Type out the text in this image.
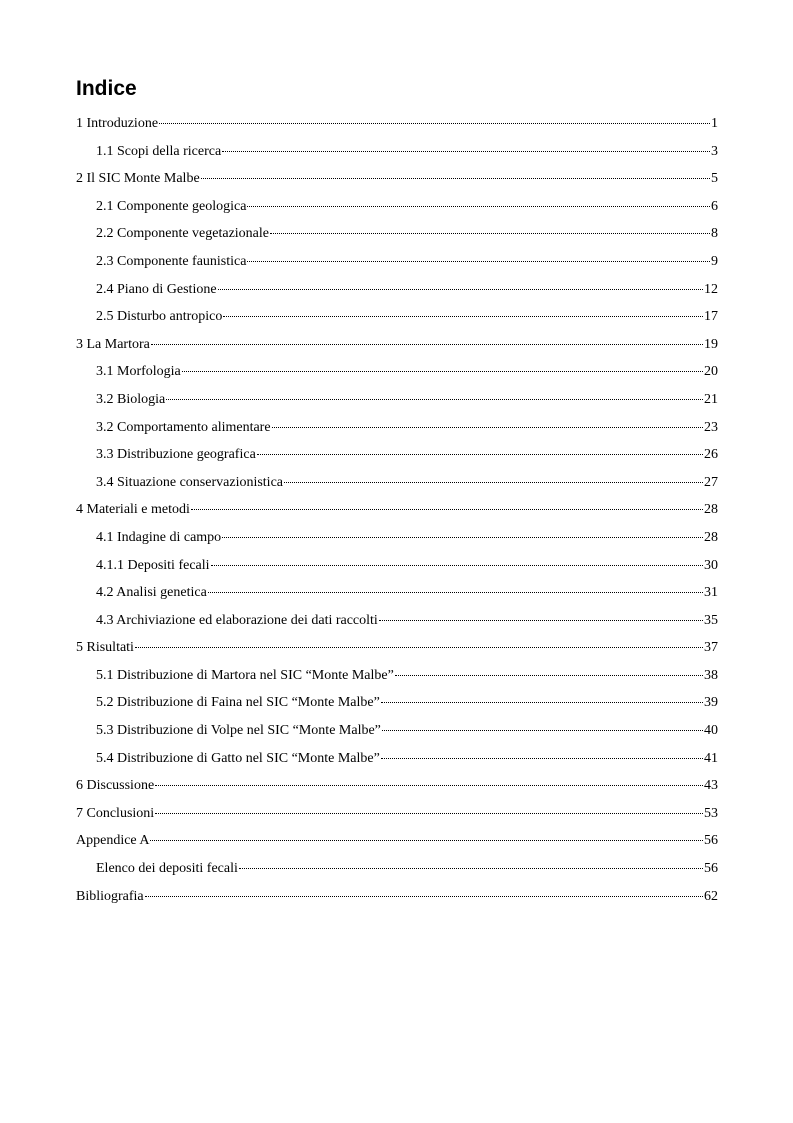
Indice
1 Introduzione	1
1.1 Scopi della ricerca	3
2 Il SIC Monte Malbe	5
2.1 Componente geologica	6
2.2 Componente vegetazionale	8
2.3 Componente faunistica	9
2.4 Piano di Gestione	12
2.5 Disturbo antropico	17
3 La Martora	19
3.1 Morfologia	20
3.2 Biologia	21
3.2 Comportamento alimentare	23
3.3 Distribuzione geografica	26
3.4 Situazione conservazionistica	27
4 Materiali e metodi	28
4.1 Indagine di campo	28
4.1.1 Depositi fecali	30
4.2 Analisi genetica	31
4.3 Archiviazione ed elaborazione dei dati raccolti	35
5 Risultati	37
5.1 Distribuzione di Martora nel SIC “Monte Malbe”	38
5.2 Distribuzione di Faina nel SIC “Monte Malbe”	39
5.3 Distribuzione di Volpe nel SIC “Monte Malbe”	40
5.4 Distribuzione di Gatto nel SIC “Monte Malbe”	41
6 Discussione	43
7 Conclusioni	53
Appendice A	56
Elenco dei depositi fecali	56
Bibliografia	62
